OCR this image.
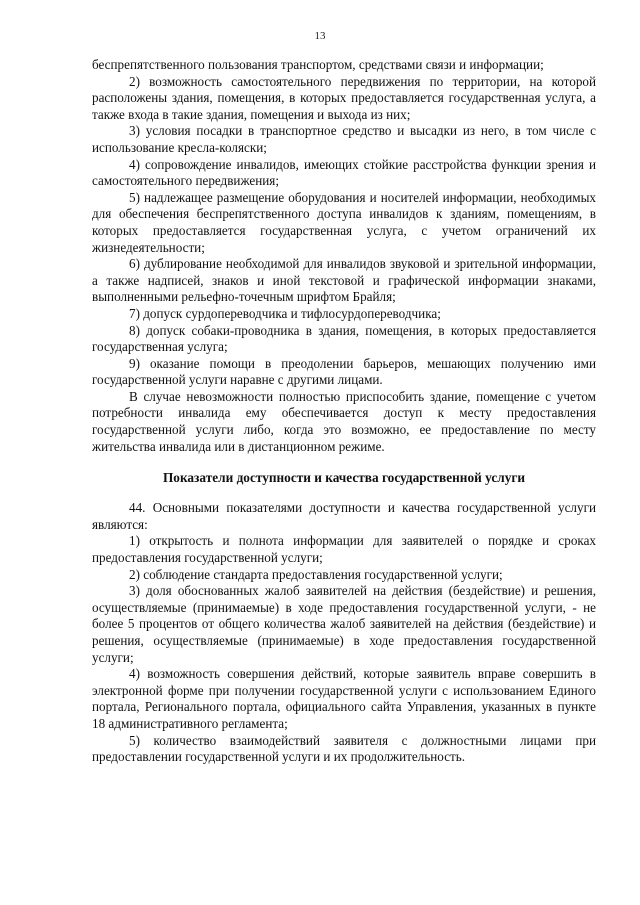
13

беспрепятственного пользования транспортом, средствами связи и информации;

2) возможность самостоятельного передвижения по территории, на которой расположены здания, помещения, в которых предоставляется государственная услуга, а также входа в такие здания, помещения и выхода из них;

3) условия посадки в транспортное средство и высадки из него, в том числе с использование кресла-коляски;

4) сопровождение инвалидов, имеющих стойкие расстройства функции зрения и самостоятельного передвижения;

5) надлежащее размещение оборудования и носителей информации, необходимых для обеспечения беспрепятственного доступа инвалидов к зданиям, помещениям, в которых предоставляется государственная услуга, с учетом ограничений их жизнедеятельности;

6) дублирование необходимой для инвалидов звуковой и зрительной информации, а также надписей, знаков и иной текстовой и графической информации знаками, выполненными рельефно-точечным шрифтом Брайля;

7) допуск сурдопереводчика и тифлосурдопереводчика;

8) допуск собаки-проводника в здания, помещения, в которых предоставляется государственная услуга;

9) оказание помощи в преодолении барьеров, мешающих получению ими государственной услуги наравне с другими лицами.

В случае невозможности полностью приспособить здание, помещение с учетом потребности инвалида ему обеспечивается доступ к месту предоставления государственной услуги либо, когда это возможно, ее предоставление по месту жительства инвалида или в дистанционном режиме.

Показатели доступности и качества государственной услуги

44. Основными показателями доступности и качества государственной услуги являются:

1) открытость и полнота информации для заявителей о порядке и сроках предоставления государственной услуги;

2) соблюдение стандарта предоставления государственной услуги;

3) доля обоснованных жалоб заявителей на действия (бездействие) и решения, осуществляемые (принимаемые) в ходе предоставления государственной услуги, - не более 5 процентов от общего количества жалоб заявителей на действия (бездействие) и решения, осуществляемые (принимаемые) в ходе предоставления государственной услуги;

4) возможность совершения действий, которые заявитель вправе совершить в электронной форме при получении государственной услуги с использованием Единого портала, Регионального портала, официального сайта Управления, указанных в пункте 18 административного регламента;

5) количество взаимодействий заявителя с должностными лицами при предоставлении государственной услуги и их продолжительность.
